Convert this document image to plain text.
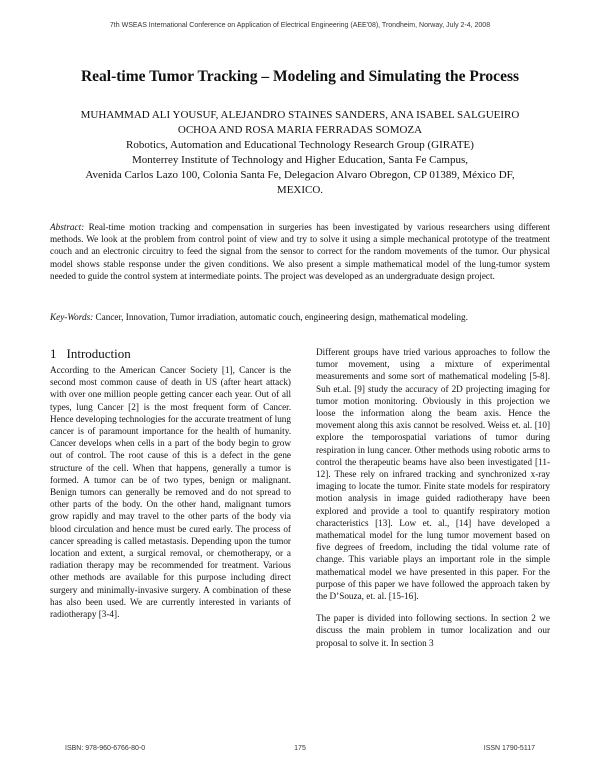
7th WSEAS International Conference on Application of Electrical Engineering (AEE'08), Trondheim, Norway, July 2-4, 2008
Real-time Tumor Tracking – Modeling and Simulating the Process
MUHAMMAD ALI YOUSUF, ALEJANDRO STAINES SANDERS, ANA ISABEL SALGUEIRO
OCHOA AND ROSA MARIA FERRADAS SOMOZA
Robotics, Automation and Educational Technology Research Group (GIRATE)
Monterrey Institute of Technology and Higher Education, Santa Fe Campus,
Avenida Carlos Lazo 100, Colonia Santa Fe, Delegacion Alvaro Obregon, CP 01389, México DF,
MEXICO.
Abstract: Real-time motion tracking and compensation in surgeries has been investigated by various researchers using different methods. We look at the problem from control point of view and try to solve it using a simple mechanical prototype of the treatment couch and an electronic circuitry to feed the signal from the sensor to correct for the random movements of the tumor. Our physical model shows stable response under the given conditions. We also present a simple mathematical model of the lung-tumor system needed to guide the control system at intermediate points. The project was developed as an undergraduate design project.
Key-Words: Cancer, Innovation, Tumor irradiation, automatic couch, engineering design, mathematical modeling.
1 Introduction

According to the American Cancer Society [1], Cancer is the second most common cause of death in US (after heart attack) with over one million people getting cancer each year. Out of all types, lung Cancer [2] is the most frequent form of Cancer. Hence developing technologies for the accurate treatment of lung cancer is of paramount importance for the health of humanity. Cancer develops when cells in a part of the body begin to grow out of control. The root cause of this is a defect in the gene structure of the cell. When that happens, generally a tumor is formed. A tumor can be of two types, benign or malignant. Benign tumors can generally be removed and do not spread to other parts of the body. On the other hand, malignant tumors grow rapidly and may travel to the other parts of the body via blood circulation and hence must be cured early. The process of cancer spreading is called metastasis. Depending upon the tumor location and extent, a surgical removal, or chemotherapy, or a radiation therapy may be recommended for treatment. Various other methods are available for this purpose including direct surgery and minimally-invasive surgery. A combination of these has also been used. We are currently interested in variants of radiotherapy [3-4].

Different groups have tried various approaches to follow the tumor movement, using a mixture of experimental measurements and some sort of mathematical modeling [5-8]. Suh et.al. [9] study the accuracy of 2D projecting imaging for tumor motion monitoring. Obviously in this projection we loose the information along the beam axis. Hence the movement along this axis cannot be resolved. Weiss et. al. [10] explore the temporospatial variations of tumor during respiration in lung cancer. Other methods using robotic arms to control the therapeutic beams have also been investigated [11-12]. These rely on infrared tracking and synchronized x-ray imaging to locate the tumor. Finite state models for respiratory motion analysis in image guided radiotherapy have been explored and provide a tool to quantify respiratory motion characteristics [13]. Low et. al., [14] have developed a mathematical model for the lung tumor movement based on five degrees of freedom, including the tidal volume rate of change. This variable plays an important role in the simple mathematical model we have presented in this paper. For the purpose of this paper we have followed the approach taken by the D’Souza, et. al. [15-16].

The paper is divided into following sections. In section 2 we discuss the main problem in tumor localization and our proposal to solve it. In section 3

ISBN: 978-960-6766-80-0	175	ISSN 1790-5117
